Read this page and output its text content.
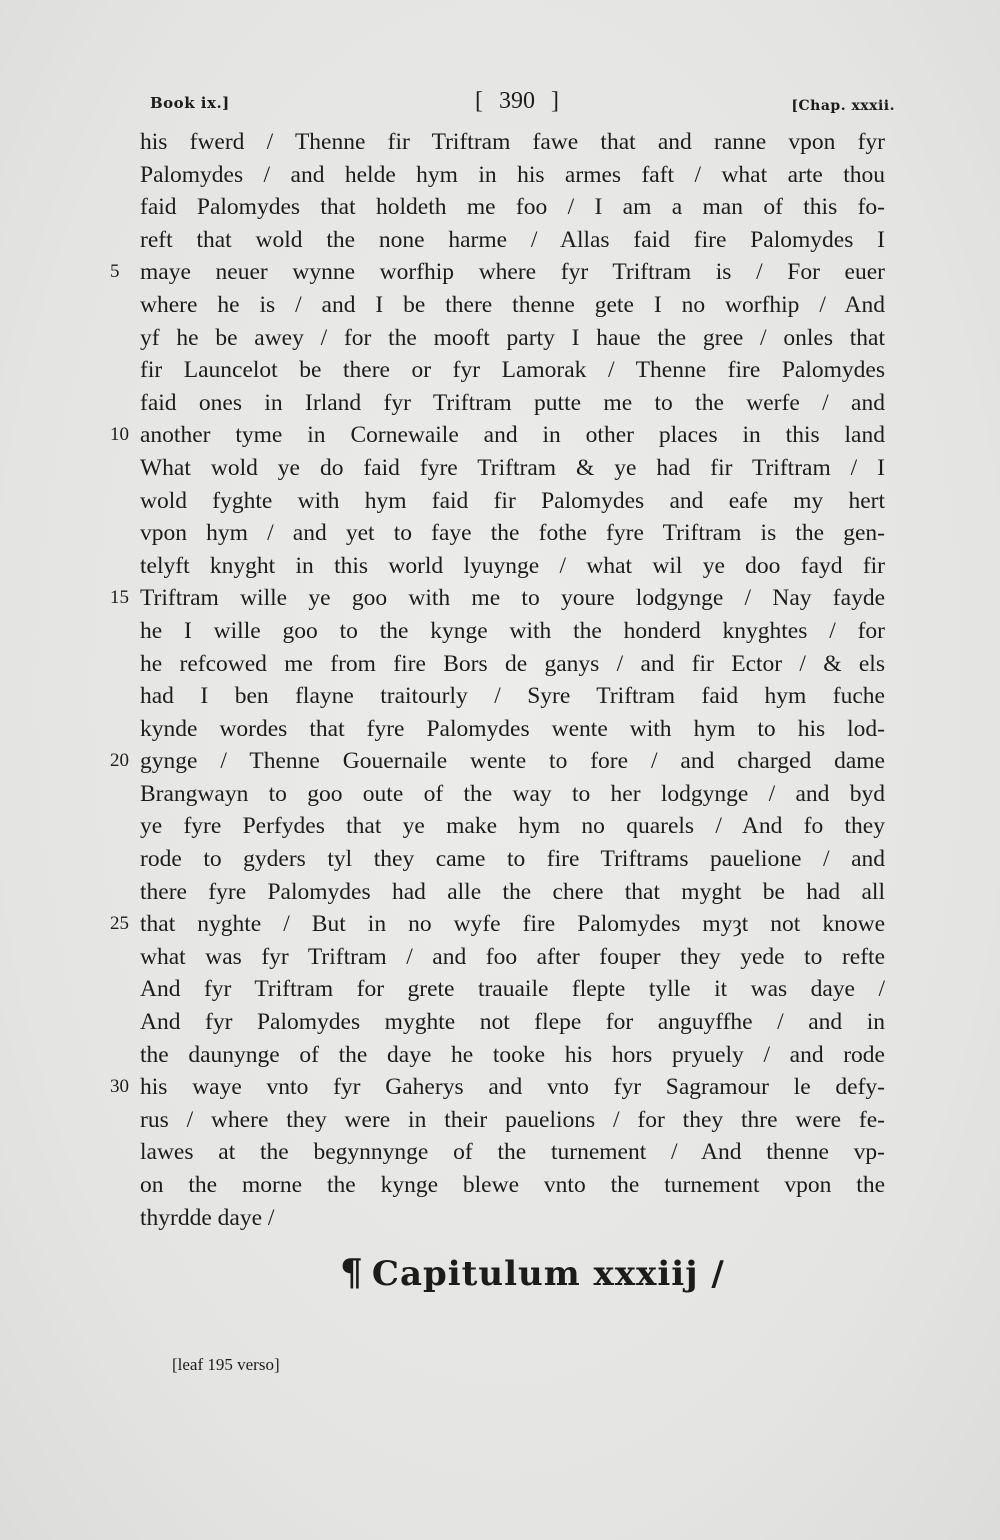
Book ix.]	[ 390 ]	[Chap. xxxii.
his fwerd / Thenne fir Triftram fawe that and ranne vpon fyr
Palomydes / and helde hym in his armes faft / what arte thou
faid Palomydes that holdeth me foo / I am a man of this fo-
reft that wold the none harme / Allas faid fire Palomydes I
5 maye neuer wynne worfhip where fyr Triftram is / For euer
where he is / and I be there thenne gete I no worfhip / And
yf he be awey / for the mooft party I haue the gree / onles that
fir Launcelot be there or fyr Lamorak / Thenne fire Palomydes
faid ones in Irland fyr Triftram putte me to the werfe / and
10 another tyme in Cornewaile and in other places in this land
What wold ye do faid fyre Triftram & ye had fir Triftram / I
wold fyghte with hym faid fir Palomydes and eafe my hert
vpon hym / and yet to faye the fothe fyre Triftram is the gen-
telyft knyght in this world lyuynge / what wil ye doo fayd fir
15 Triftram wille ye goo with me to youre lodgynge / Nay fayde
he I wille goo to the kynge with the honderd knyghtes / for
he refcowed me from fire Bors de ganys / and fir Ector / & els
had I ben flayne traitourly / Syre Triftram faid hym fuche
kynde wordes that fyre Palomydes wente with hym to his lod-
20 gynge / Thenne Gouernaile wente to fore / and charged dame
Brangwayn to goo oute of the way to her lodgynge / and byd
ye fyre Perfydes that ye make hym no quarels / And fo they
rode to gyders tyl they came to fire Triftrams pauelione / and
there fyre Palomydes had alle the chere that myght be had all
25 that nyghte / But in no wyfe fire Palomydes myȝt not knowe
what was fyr Triftram / and foo after fouper they yede to refte
And fyr Triftram for grete trauaile flepte tylle it was daye /
And fyr Palomydes myghte not flepe for anguyffhe / and in
the daunynge of the daye he tooke his hors pryuely / and rode
30 his waye vnto fyr Gaherys and vnto fyr Sagramour le defy-
rus / where they were in their pauelions / for they thre were fe-
lawes at the begynnynge of the turnement / And thenne vp-
on the morne the kynge blewe vnto the turnement vpon the
thyrdde daye /
¶ Capitulum xxxiij /
[leaf 195 verso]
